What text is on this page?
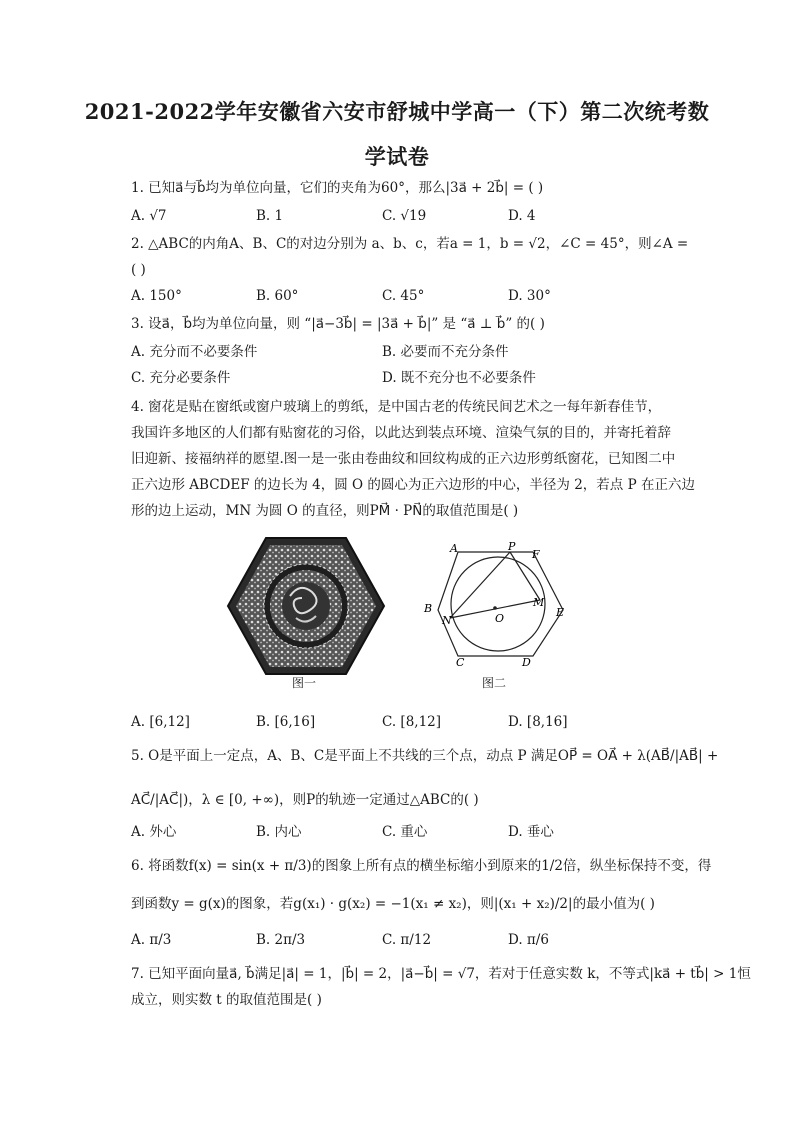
2021-2022学年安徽省六安市舒城中学高一（下）第二次统考数
学试卷
1. 已知a⃗与b⃗均为单位向量，它们的夹角为60°，那么|3a⃗ + 2b⃗| = ( )
A. √7	B. 1	C. √19	D. 4
2. △ABC的内角A、B、C的对边分别为 a、b、c，若a = 1，b = √2，∠C = 45°，则∠A =
( )
A. 150°	B. 60°	C. 45°	D. 30°
3. 设a⃗，b⃗均为单位向量，则 “|a⃗−3b⃗| = |3a⃗ + b⃗|” 是 “a⃗ ⊥ b⃗” 的( )
A. 充分而不必要条件	B. 必要而不充分条件
C. 充分必要条件	D. 既不充分也不必要条件
4. 窗花是贴在窗纸或窗户玻璃上的剪纸，是中国古老的传统民间艺术之一每年新春佳节，
我国许多地区的人们都有贴窗花的习俗，以此达到装点环境、渲染气氛的目的，并寄托着辞
旧迎新、接福纳祥的愿望.图一是一张由卷曲纹和回纹构成的正六边形剪纸窗花，已知图二中
正六边形 ABCDEF 的边长为 4，圆 O 的圆心为正六边形的中心，半径为 2，若点 P 在正六边
形的边上运动，MN 为圆 O 的直径，则PM⃗ · PN⃗的取值范围是( )
图一
A
B
C	D
E
F
P
M
N	O
图二
A. [6,12]	B. [6,16]	C. [8,12]	D. [8,16]
5. O是平面上一定点，A、B、C是平面上不共线的三个点，动点 P 满足OP⃗ = OA⃗ + λ(AB⃗/|AB⃗| +
AC⃗/|AC⃗|)，λ ∈ [0, +∞)，则P的轨迹一定通过△ABC的( )
A. 外心	B. 内心	C. 重心	D. 垂心
6. 将函数f(x) = sin(x + π/3)的图象上所有点的横坐标缩小到原来的1/2倍，纵坐标保持不变，得
到函数y = g(x)的图象，若g(x₁) · g(x₂) = −1(x₁ ≠ x₂)，则|(x₁ + x₂)/2|的最小值为( )
A. π/3	B. 2π/3	C. π/12	D. π/6
7. 已知平面向量a⃗, b⃗满足|a⃗| = 1，|b⃗| = 2，|a⃗−b⃗| = √7，若对于任意实数 k，不等式|ka⃗ + tb⃗| > 1恒
成立，则实数 t 的取值范围是( )
